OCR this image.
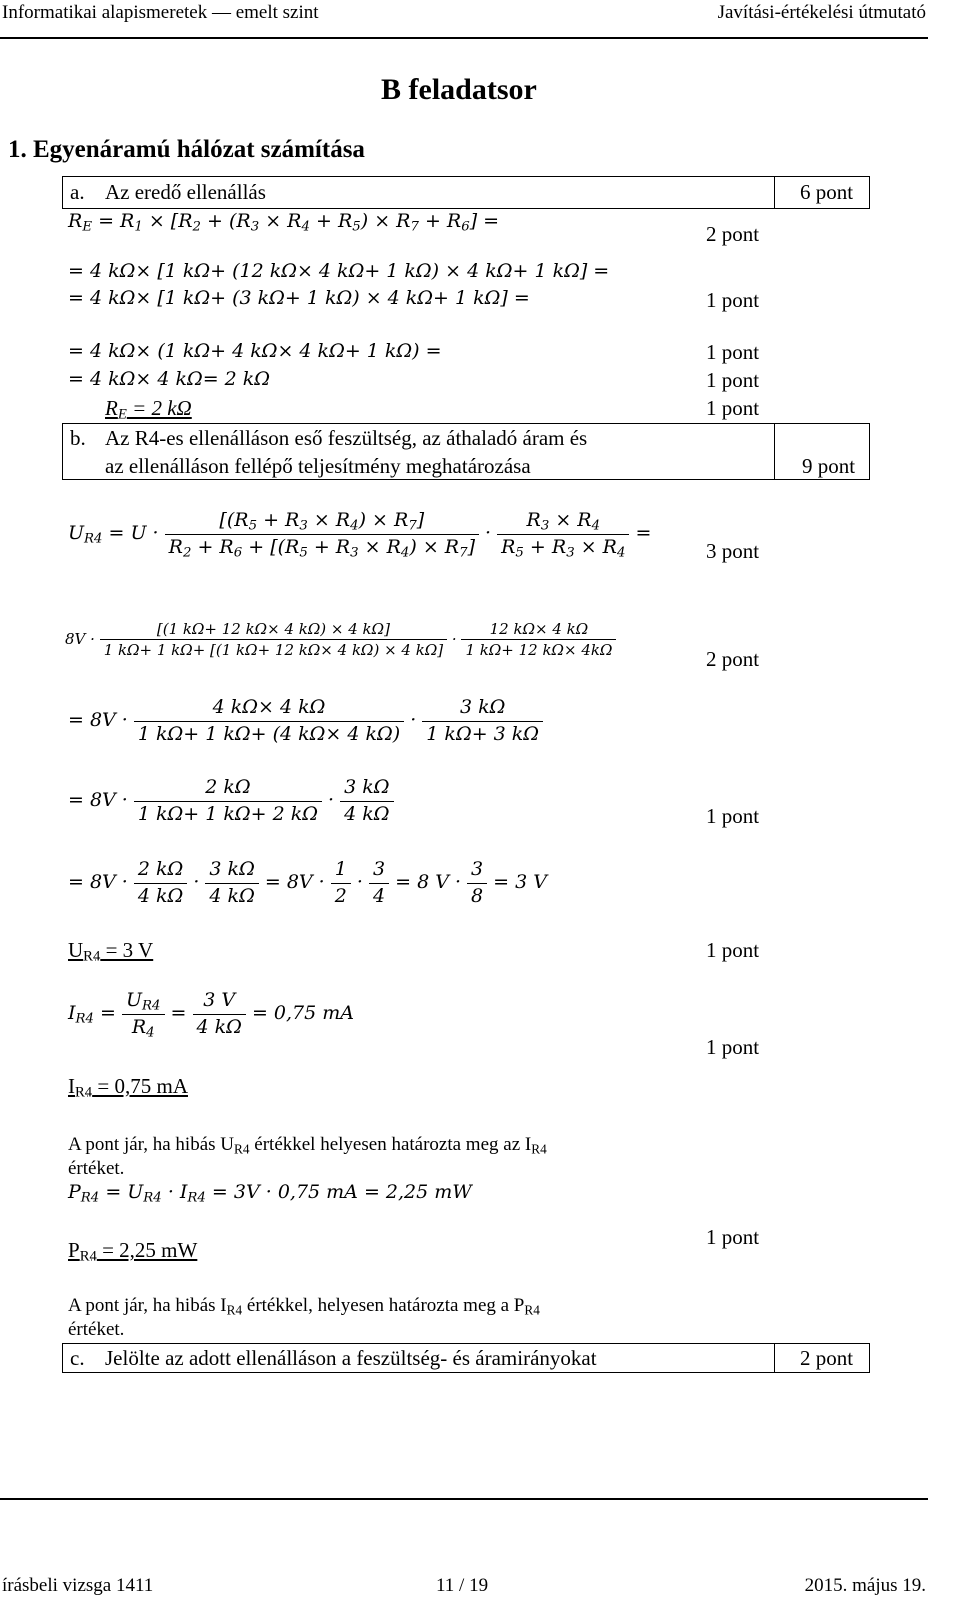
Informatikai alapismeretek — emelt szint	Javítási-értékelési útmutató
B feladatsor
1. Egyenáramú hálózat számítása
a. Az eredő ellenállás	6 pont
$R_E = R_1 \times [R_2 + (R_3 \times R_4 + R_5) \times R_7 + R_6]$ =
2 pont
= 4 kΩ× [1 kΩ+ (12 kΩ× 4 kΩ+ 1 kΩ) × 4 kΩ+ 1 kΩ] =
= 4 kΩ× [1 kΩ+ (3 kΩ+ 1 kΩ) × 4 kΩ+ 1 kΩ] =	1 pont
= 4 kΩ× (1 kΩ+ 4 kΩ× 4 kΩ+ 1 kΩ) =	1 pont
= 4 kΩ× 4 kΩ= 2 kΩ	1 pont
$R_E = 2$ kΩ	1 pont
b. Az R4-es ellenálláson eső feszültség, az áthaladó áram és
az ellenálláson fellépő teljesítmény meghatározása	9 pont
$U_{R4} = U \cdot \frac{[(R_5 + R_3 \times R_4) \times R_7]}{R_2 + R_6 + [(R_5 + R_3 \times R_4) \times R_7]} \cdot \frac{R_3 \times R_4}{R_5 + R_3 \times R_4}$ =
3 pont
$8V \cdot \frac{[(1 k\Omega+ 12 k\Omega\times 4 k\Omega) \times 4 k\Omega]}{1 k\Omega+ 1 k\Omega+ [(1 k\Omega+ 12 k\Omega\times 4 k\Omega) \times 4 k\Omega]} \cdot \frac{12 k\Omega\times 4 k\Omega}{1 k\Omega+ 12 k\Omega\times 4k\Omega}$	2 pont
= $8V \cdot \frac{4 k\Omega\times 4 k\Omega}{1 k\Omega+ 1 k\Omega+ (4 k\Omega\times 4 k\Omega)} \cdot \frac{3 k\Omega}{1 k\Omega+ 3 k\Omega}$
= $8V \cdot \frac{2 k\Omega}{1 k\Omega+ 1 k\Omega+ 2 k\Omega} \cdot \frac{3 k\Omega}{4 k\Omega}$	1 pont
= $8V \cdot \frac{2 k\Omega}{4 k\Omega} \cdot \frac{3 k\Omega}{4 k\Omega} = 8V \cdot \frac{1}{2} \cdot \frac{3}{4} = 8$ $V \cdot \frac{3}{8} = 3$ V
$U_{R4} = 3$ V	1 pont
$I_{R4} = \frac{U_{R4}}{R_4} = \frac{3 V}{4 k\Omega} = 0,75$ mA
1 pont
$I_{R4} = 0,75$ mA
A pont jár, ha hibás $U_{R4}$ értékkel helyesen határozta meg az $I_{R4}$
értéket.
$P_{R4} = U_{R4} \cdot I_{R4} = 3V \cdot 0,75$ mA = 2,25 mW
1 pont
$P_{R4} = 2,25$ mW
A pont jár, ha hibás $I_{R4}$ értékkel, helyesen határozta meg a $P_{R4}$
értéket.
c. Jelölte az adott ellenálláson a feszültség- és áramirányokat	2 pont
írásbeli vizsga 1411	11 / 19	2015. május 19.
